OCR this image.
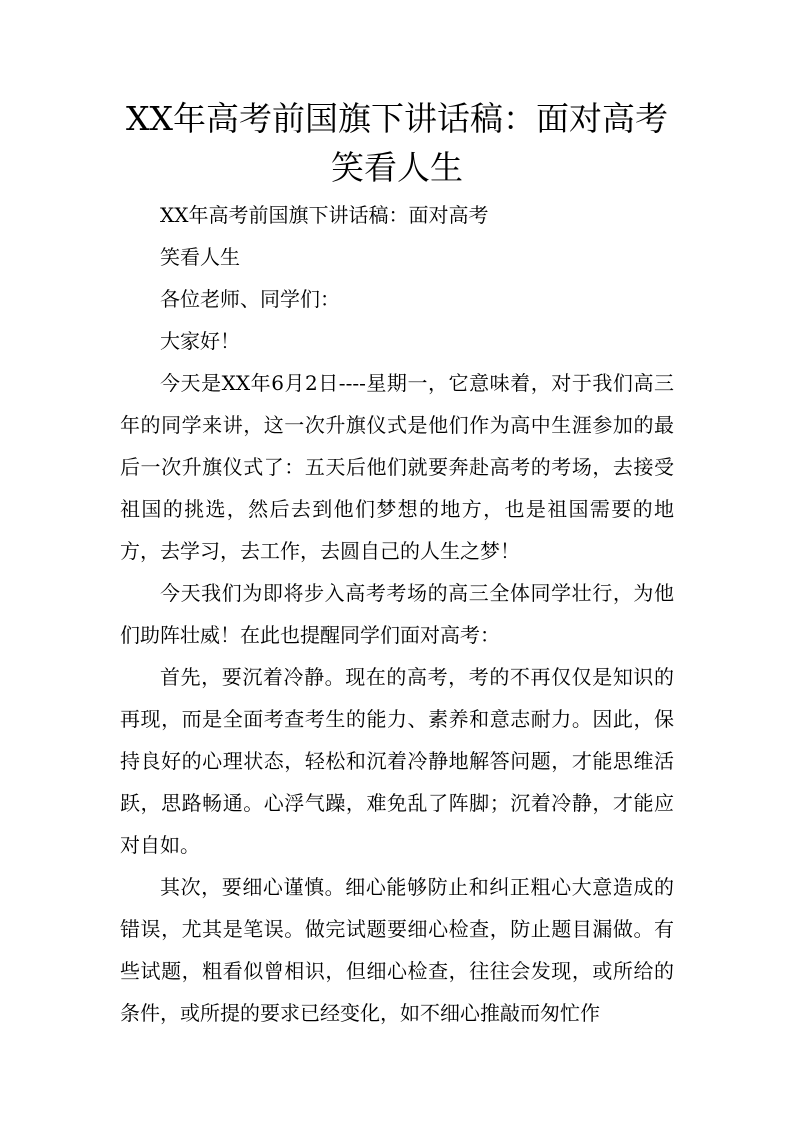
XX年高考前国旗下讲话稿：面对高考
笑看人生

XX年高考前国旗下讲话稿：面对高考

笑看人生

各位老师、同学们：

大家好！

今天是XX年6月2日----星期一，它意味着，对于我们高三年的同学来讲，这一次升旗仪式是他们作为高中生涯参加的最后一次升旗仪式了：五天后他们就要奔赴高考的考场，去接受祖国的挑选，然后去到他们梦想的地方，也是祖国需要的地方，去学习，去工作，去圆自己的人生之梦！

今天我们为即将步入高考考场的高三全体同学壮行，为他们助阵壮威！在此也提醒同学们面对高考：

首先，要沉着冷静。现在的高考，考的不再仅仅是知识的再现，而是全面考查考生的能力、素养和意志耐力。因此，保持良好的心理状态，轻松和沉着冷静地解答问题，才能思维活跃，思路畅通。心浮气躁，难免乱了阵脚；沉着冷静，才能应对自如。

其次，要细心谨慎。细心能够防止和纠正粗心大意造成的错误，尤其是笔误。做完试题要细心检查，防止题目漏做。有些试题，粗看似曾相识，但细心检查，往往会发现，或所给的条件，或所提的要求已经变化，如不细心推敲而匆忙作
